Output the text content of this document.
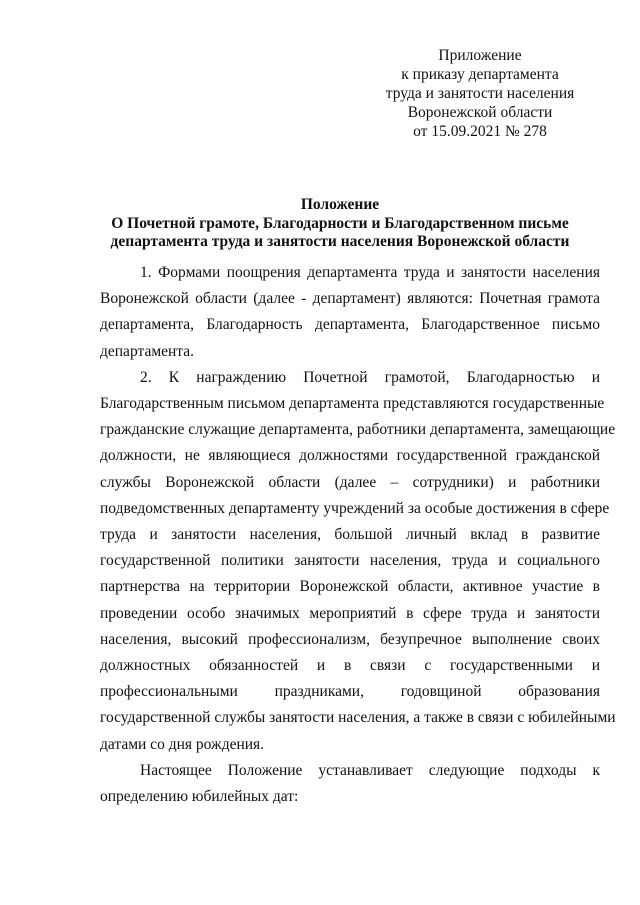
Приложение
к приказу департамента
труда и занятости населения
Воронежской области
от 15.09.2021 № 278
Положение
О Почетной грамоте, Благодарности и Благодарственном письме
департамента труда и занятости населения Воронежской области
1. Формами поощрения департамента труда и занятости населения
Воронежской области (далее - департамент) являются: Почетная грамота
департамента, Благодарность департамента, Благодарственное письмо
департамента.
2. К награждению Почетной грамотой, Благодарностью и
Благодарственным письмом департамента представляются государственные
гражданские служащие департамента, работники департамента, замещающие
должности, не являющиеся должностями государственной гражданской
службы Воронежской области (далее – сотрудники) и работники
подведомственных департаменту учреждений за особые достижения в сфере
труда и занятости населения, большой личный вклад в развитие
государственной политики занятости населения, труда и социального
партнерства на территории Воронежской области, активное участие в
проведении особо значимых мероприятий в сфере труда и занятости
населения, высокий профессионализм, безупречное выполнение своих
должностных обязанностей и в связи с государственными и
профессиональными праздниками, годовщиной образования
государственной службы занятости населения, а также в связи с юбилейными
датами со дня рождения.
Настоящее Положение устанавливает следующие подходы к
определению юбилейных дат:
